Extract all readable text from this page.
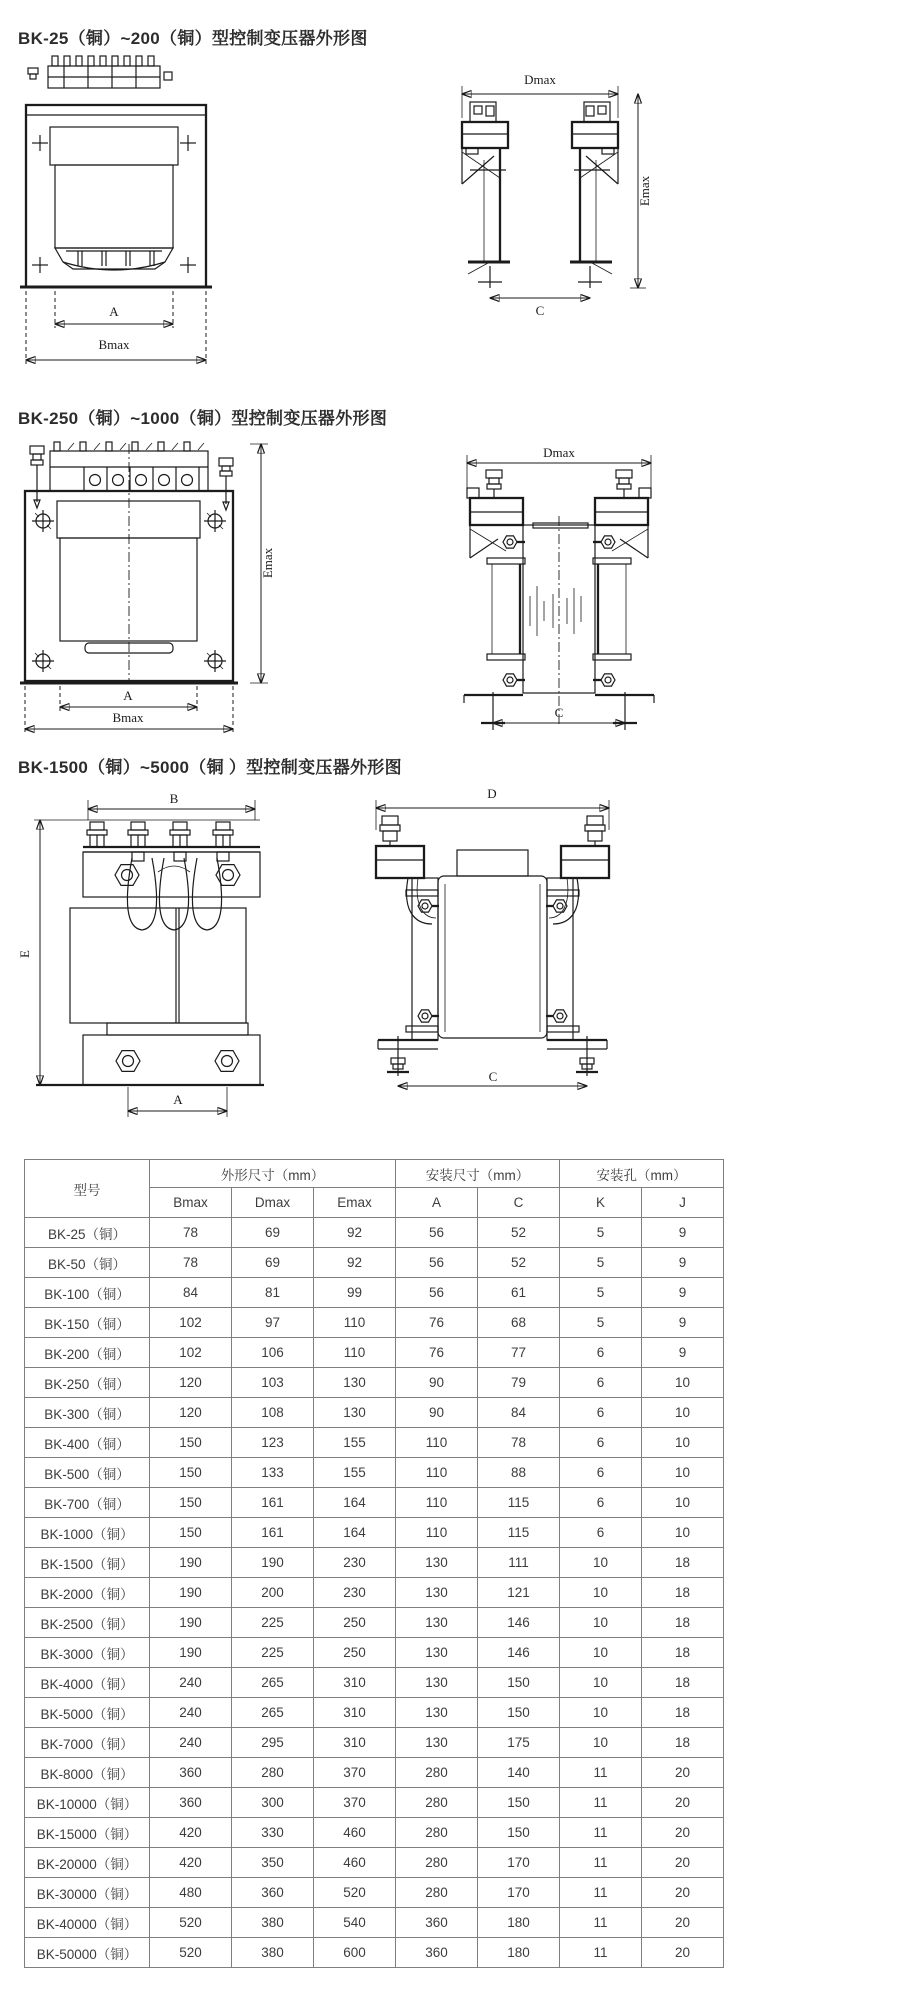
BK-25（铜）~200（铜）型控制变压器外形图
A
Bmax
Dmax
Emax
C
BK-250（铜）~1000（铜）型控制变压器外形图
A
Bmax
Emax
Dmax
C
BK-1500（铜）~5000（铜 ）型控制变压器外形图
B
E
A
D
C
型号	外形尺寸（mm）			安装尺寸（mm）		安装孔（mm）	
	Bmax	Dmax	Emax	A	C	K	J
BK-25（铜）	78	69	92	56	52	5	9
BK-50（铜）	78	69	92	56	52	5	9
BK-100（铜）	84	81	99	56	61	5	9
BK-150（铜）	102	97	110	76	68	5	9
BK-200（铜）	102	106	110	76	77	6	9
BK-250（铜）	120	103	130	90	79	6	10
BK-300（铜）	120	108	130	90	84	6	10
BK-400（铜）	150	123	155	110	78	6	10
BK-500（铜）	150	133	155	110	88	6	10
BK-700（铜）	150	161	164	110	115	6	10
BK-1000（铜）	150	161	164	110	115	6	10
BK-1500（铜）	190	190	230	130	111	10	18
BK-2000（铜）	190	200	230	130	121	10	18
BK-2500（铜）	190	225	250	130	146	10	18
BK-3000（铜）	190	225	250	130	146	10	18
BK-4000（铜）	240	265	310	130	150	10	18
BK-5000（铜）	240	265	310	130	150	10	18
BK-7000（铜）	240	295	310	130	175	10	18
BK-8000（铜）	360	280	370	280	140	11	20
BK-10000（铜）	360	300	370	280	150	11	20
BK-15000（铜）	420	330	460	280	150	11	20
BK-20000（铜）	420	350	460	280	170	11	20
BK-30000（铜）	480	360	520	280	170	11	20
BK-40000（铜）	520	380	540	360	180	11	20
BK-50000（铜）	520	380	600	360	180	11	20
